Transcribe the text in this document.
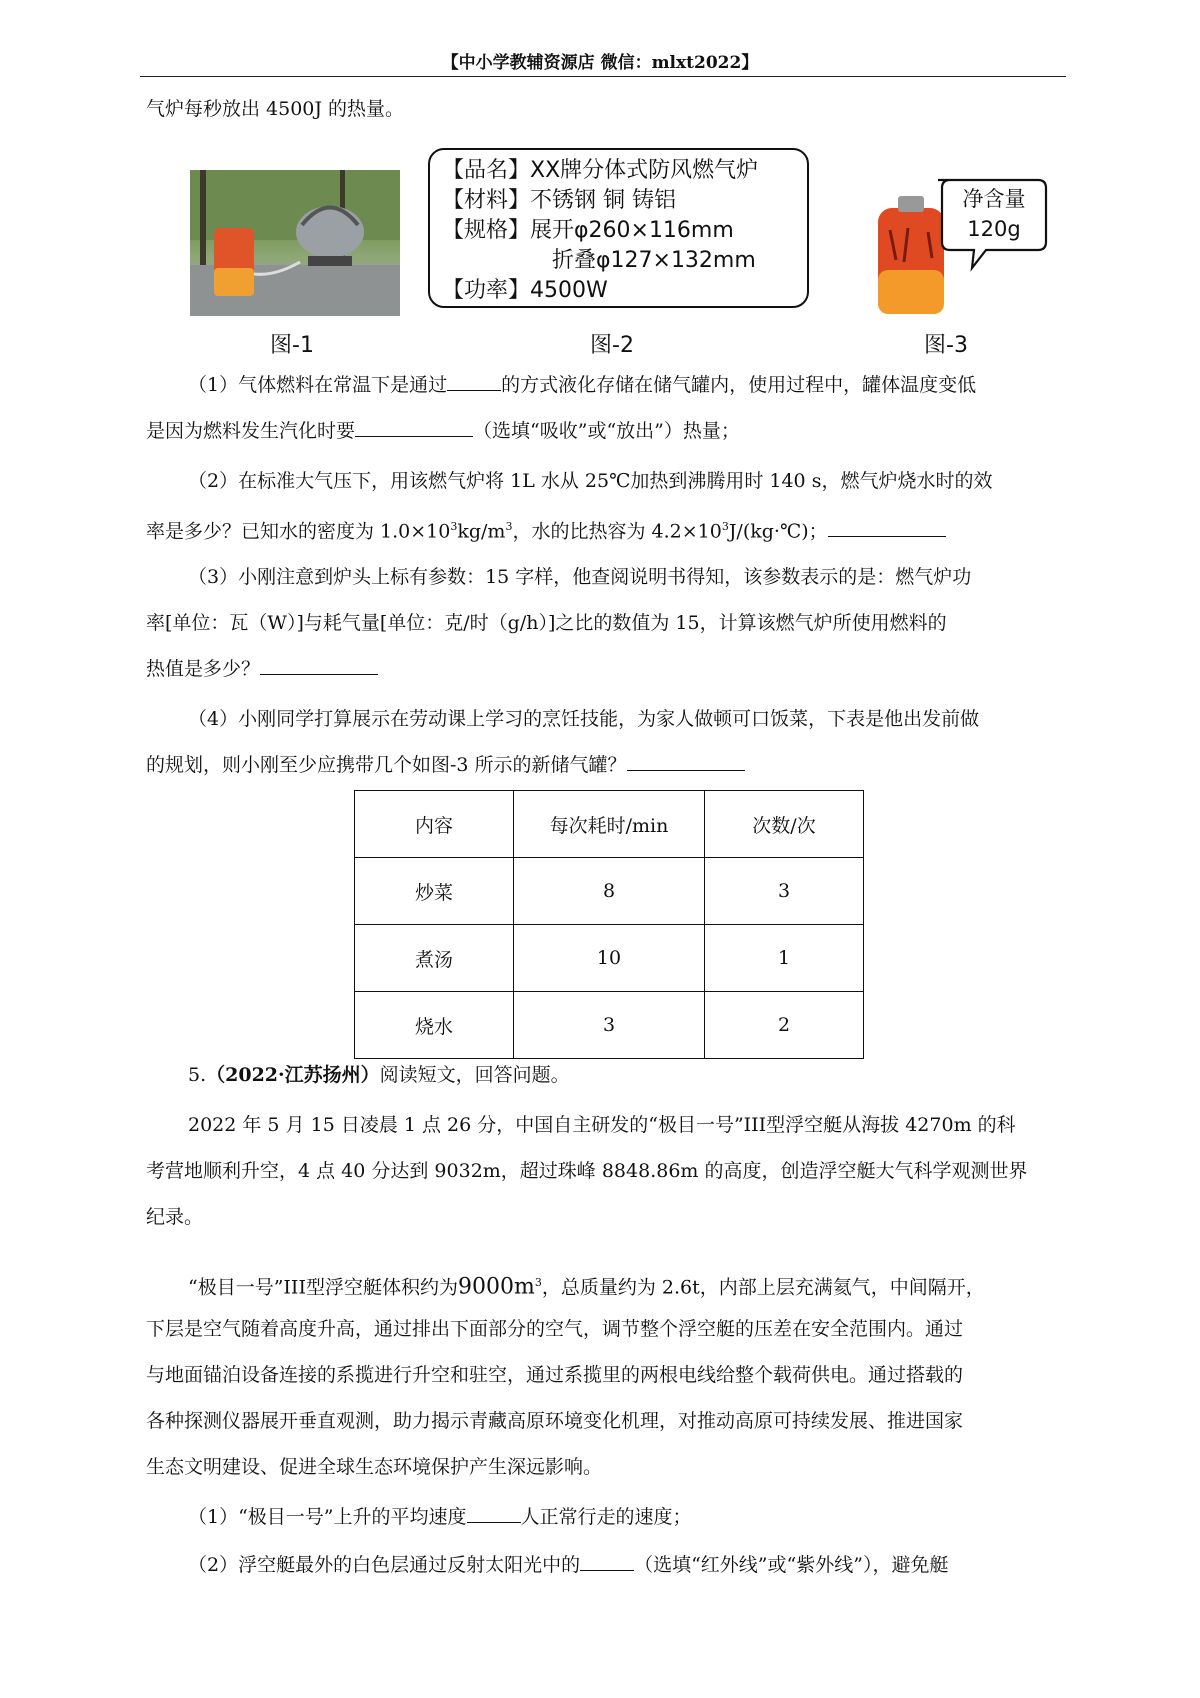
【中小学教辅资源店 微信：mlxt2022】
气炉每秒放出 4500J 的热量。
【品名】XX牌分体式防风燃气炉
【材料】不锈钢 铜 铸铝
【规格】展开φ260×116mm
折叠φ127×132mm
【功率】4500W
净含量
120g
图-1	图-2	图-3
（1）气体燃料在常温下是通过	的方式液化存储在储气罐内，使用过程中，罐体温度变低
是因为燃料发生汽化时要	（选填“吸收”或“放出”）热量；
（2）在标准大气压下，用该燃气炉将 1L 水从 25℃加热到沸腾用时 140 s，燃气炉烧水时的效
率是多少？已知水的密度为 $1.0\times 10^3kg/m^3$，水的比热容为 $4.2\times 10^3J/(kg\cdot℃)$；
（3）小刚注意到炉头上标有参数：15 字样，他查阅说明书得知，该参数表示的是：燃气炉功
率[单位：瓦（W）]与耗气量[单位：克/时（g/h）]之比的数值为 15，计算该燃气炉所使用燃料的
热值是多少？
（4）小刚同学打算展示在劳动课上学习的烹饪技能，为家人做顿可口饭菜，下表是他出发前做
的规划，则小刚至少应携带几个如图-3 所示的新储气罐？
内容	每次耗时/min	次数/次
炒菜	8	3
煮汤	10	1
烧水	3	2
5.（2022·江苏扬州）阅读短文，回答问题。
2022 年 5 月 15 日凌晨 1 点 26 分，中国自主研发的“极目一号”III型浮空艇从海拔 4270m 的科
考营地顺利升空，4 点 40 分达到 9032m，超过珠峰 8848.86m 的高度，创造浮空艇大气科学观测世界
纪录。
“极目一号”III型浮空艇体积约为$9000m^3$，总质量约为 2.6t，内部上层充满氦气，中间隔开，
下层是空气随着高度升高，通过排出下面部分的空气，调节整个浮空艇的压差在安全范围内。通过
与地面锚泊设备连接的系揽进行升空和驻空，通过系揽里的两根电线给整个载荷供电。通过搭载的
各种探测仪器展开垂直观测，助力揭示青藏高原环境变化机理，对推动高原可持续发展、推进国家
生态文明建设、促进全球生态环境保护产生深远影响。
（1）“极目一号”上升的平均速度	人正常行走的速度；
（2）浮空艇最外的白色层通过反射太阳光中的	（选填“红外线”或“紫外线”），避免艇
